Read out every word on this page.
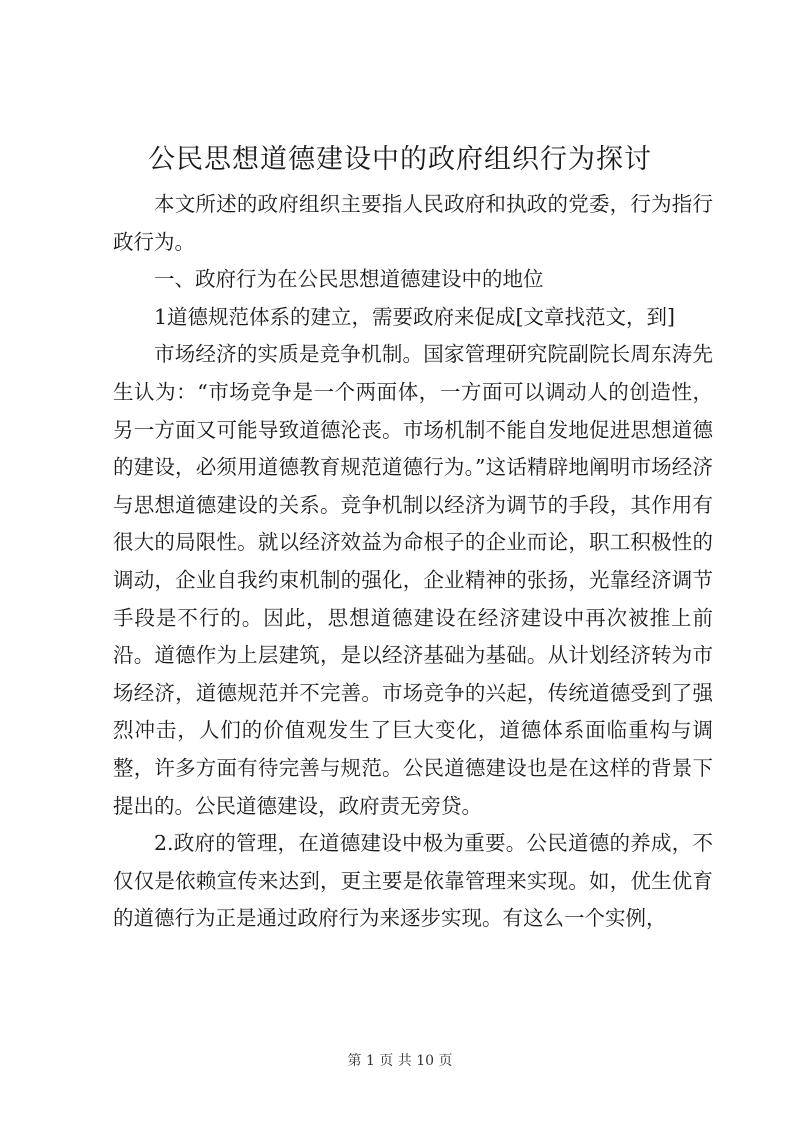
公民思想道德建设中的政府组织行为探讨

本文所述的政府组织主要指人民政府和执政的党委，行为指行政行为。

一、政府行为在公民思想道德建设中的地位

1道德规范体系的建立，需要政府来促成[文章找范文，到]

市场经济的实质是竞争机制。国家管理研究院副院长周东涛先生认为：“市场竞争是一个两面体，一方面可以调动人的创造性，另一方面又可能导致道德沦丧。市场机制不能自发地促进思想道德的建设，必须用道德教育规范道德行为。”这话精辟地阐明市场经济与思想道德建设的关系。竞争机制以经济为调节的手段，其作用有很大的局限性。就以经济效益为命根子的企业而论，职工积极性的调动，企业自我约束机制的强化，企业精神的张扬，光靠经济调节手段是不行的。因此，思想道德建设在经济建设中再次被推上前沿。道德作为上层建筑，是以经济基础为基础。从计划经济转为市场经济，道德规范并不完善。市场竞争的兴起，传统道德受到了强烈冲击，人们的价值观发生了巨大变化，道德体系面临重构与调整，许多方面有待完善与规范。公民道德建设也是在这样的背景下提出的。公民道德建设，政府责无旁贷。

2.政府的管理，在道德建设中极为重要。公民道德的养成，不仅仅是依赖宣传来达到，更主要是依靠管理来实现。如，优生优育的道德行为正是通过政府行为来逐步实现。有这么一个实例，

第 1 页 共 10 页
